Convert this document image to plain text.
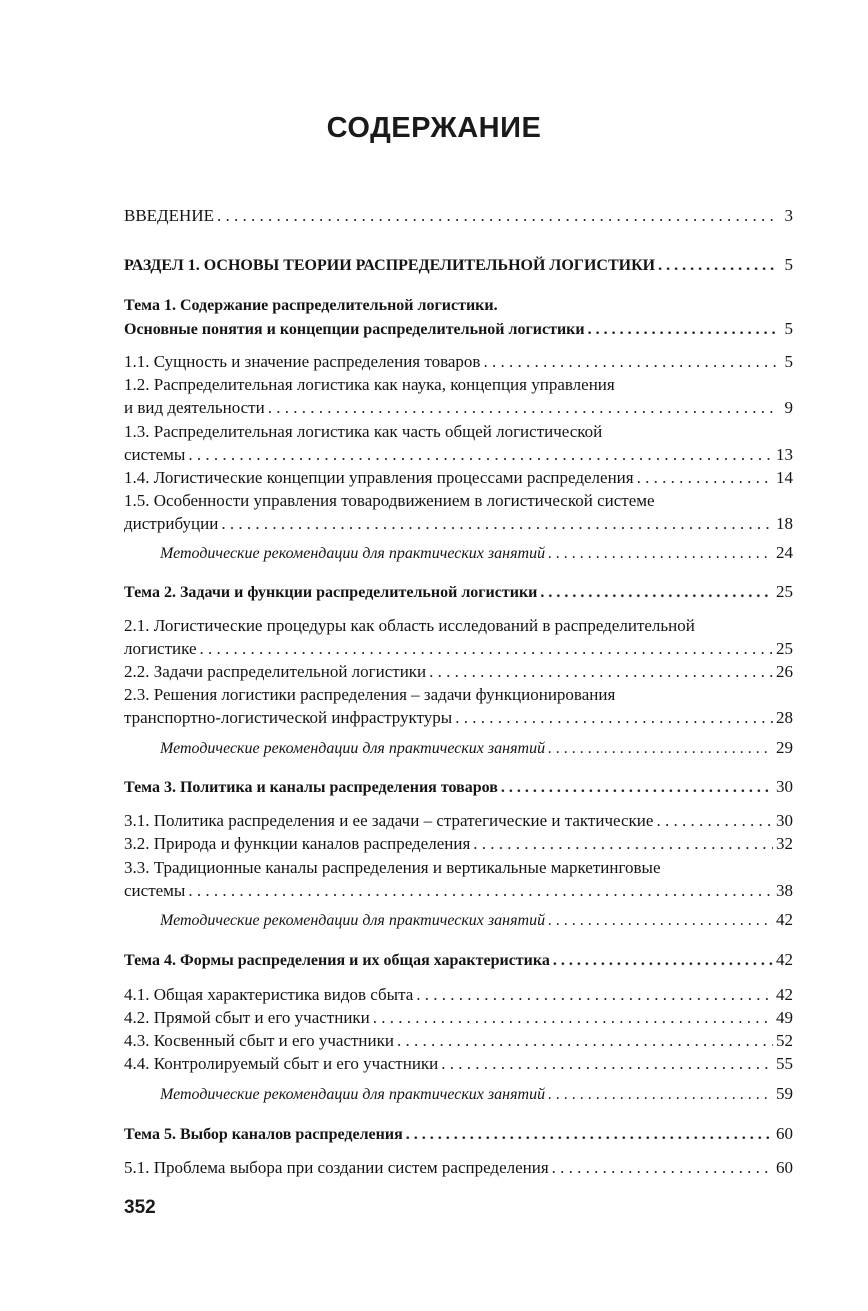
СОДЕРЖАНИЕ
ВВЕДЕНИЕ . . .	3
РАЗДЕЛ 1. ОСНОВЫ ТЕОРИИ РАСПРЕДЕЛИТЕЛЬНОЙ ЛОГИСТИКИ . . .	5
Тема 1. Содержание распределительной логистики.
Основные понятия и концепции распределительной логистики . . .	5
1.1. Сущность и значение распределения товаров . . .	5
1.2. Распределительная логистика как наука, концепция управления
и вид деятельности . . .	9
1.3. Распределительная логистика как часть общей логистической
системы . . .	13
1.4. Логистические концепции управления процессами распределения . . .	14
1.5. Особенности управления товародвижением в логистической системе
дистрибуции . . .	18
Методические рекомендации для практических занятий . . .	24
Тема 2. Задачи и функции распределительной логистики . . .	25
2.1. Логистические процедуры как область исследований в распределительной
логистике . . .	25
2.2. Задачи распределительной логистики . . .	26
2.3. Решения логистики распределения – задачи функционирования
транспортно-логистической инфраструктуры . . .	28
Методические рекомендации для практических занятий . . .	29
Тема 3. Политика и каналы распределения товаров . . .	30
3.1. Политика распределения и ее задачи – стратегические и тактические . . .	30
3.2. Природа и функции каналов распределения . . .	32
3.3. Традиционные каналы распределения и вертикальные маркетинговые
системы . . .	38
Методические рекомендации для практических занятий . . .	42
Тема 4. Формы распределения и их общая характеристика . . .	42
4.1. Общая характеристика видов сбыта . . .	42
4.2. Прямой сбыт и его участники . . .	49
4.3. Косвенный сбыт и его участники . . .	52
4.4. Контролируемый сбыт и его участники . . .	55
Методические рекомендации для практических занятий . . .	59
Тема 5. Выбор каналов распределения . . .	60
5.1. Проблема выбора при создании систем распределения . . .	60
352
